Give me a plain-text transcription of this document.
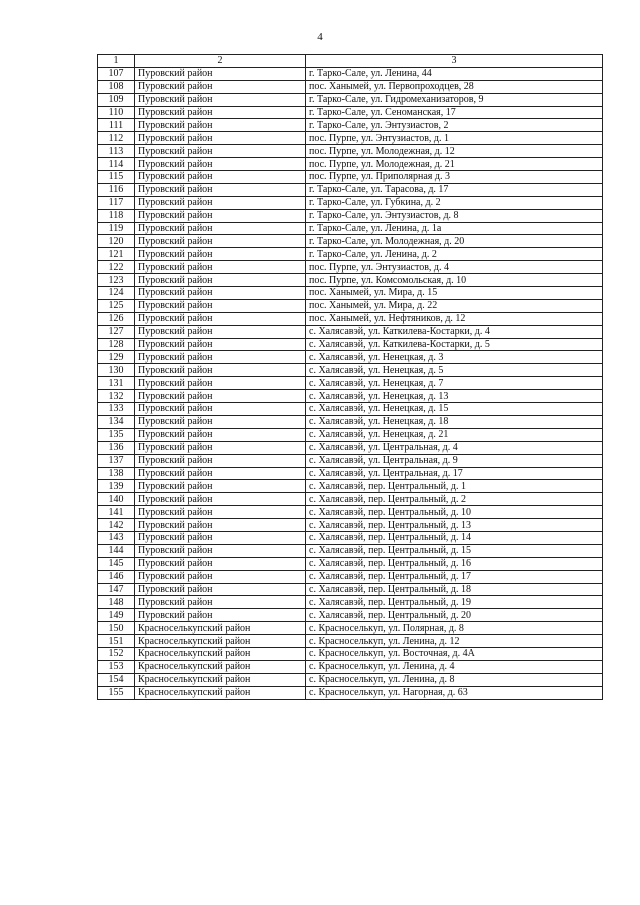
4
1	2	3
107	Пуровский район	г. Тарко-Сале, ул. Ленина, 44
108	Пуровский район	пос. Ханымей, ул. Первопроходцев, 28
109	Пуровский район	г. Тарко-Сале, ул. Гидромеханизаторов, 9
110	Пуровский район	г. Тарко-Сале, ул. Сеноманская, 17
111	Пуровский район	г. Тарко-Сале, ул. Энтузиастов, 2
112	Пуровский район	пос. Пурпе, ул. Энтузиастов, д. 1
113	Пуровский район	пос. Пурпе, ул. Молодежная, д. 12
114	Пуровский район	пос. Пурпе, ул. Молодежная, д. 21
115	Пуровский район	пос. Пурпе, ул. Приполярная д. 3
116	Пуровский район	г. Тарко-Сале, ул. Тарасова, д. 17
117	Пуровский район	г. Тарко-Сале, ул. Губкина, д. 2
118	Пуровский район	г. Тарко-Сале, ул. Энтузиастов, д. 8
119	Пуровский район	г. Тарко-Сале, ул. Ленина, д. 1а
120	Пуровский район	г. Тарко-Сале, ул. Молодежная, д. 20
121	Пуровский район	г. Тарко-Сале, ул. Ленина, д. 2
122	Пуровский район	пос. Пурпе, ул. Энтузиастов, д. 4
123	Пуровский район	пос. Пурпе, ул. Комсомольская, д. 10
124	Пуровский район	пос. Ханымей, ул. Мира, д. 15
125	Пуровский район	пос. Ханымей, ул. Мира, д. 22
126	Пуровский район	пос. Ханымей, ул. Нефтяников, д. 12
127	Пуровский район	с. Халясавэй, ул. Каткилева-Костарки, д. 4
128	Пуровский район	с. Халясавэй, ул. Каткилева-Костарки, д. 5
129	Пуровский район	с. Халясавэй, ул. Ненецкая, д. 3
130	Пуровский район	с. Халясавэй, ул. Ненецкая, д. 5
131	Пуровский район	с. Халясавэй, ул. Ненецкая, д. 7
132	Пуровский район	с. Халясавэй, ул. Ненецкая, д. 13
133	Пуровский район	с. Халясавэй, ул. Ненецкая, д. 15
134	Пуровский район	с. Халясавэй, ул. Ненецкая, д. 18
135	Пуровский район	с. Халясавэй, ул. Ненецкая, д. 21
136	Пуровский район	с. Халясавэй, ул. Центральная, д. 4
137	Пуровский район	с. Халясавэй, ул. Центральная, д. 9
138	Пуровский район	с. Халясавэй, ул. Центральная, д. 17
139	Пуровский район	с. Халясавэй, пер. Центральный, д. 1
140	Пуровский район	с. Халясавэй, пер. Центральный, д. 2
141	Пуровский район	с. Халясавэй, пер. Центральный, д. 10
142	Пуровский район	с. Халясавэй, пер. Центральный, д. 13
143	Пуровский район	с. Халясавэй, пер. Центральный, д. 14
144	Пуровский район	с. Халясавэй, пер. Центральный, д. 15
145	Пуровский район	с. Халясавэй, пер. Центральный, д. 16
146	Пуровский район	с. Халясавэй, пер. Центральный, д. 17
147	Пуровский район	с. Халясавэй, пер. Центральный, д. 18
148	Пуровский район	с. Халясавэй, пер. Центральный, д. 19
149	Пуровский район	с. Халясавэй, пер. Центральный, д. 20
150	Красноселькупский район	с. Красноселькуп, ул. Полярная, д. 8
151	Красноселькупский район	с. Красноселькуп, ул. Ленина, д. 12
152	Красноселькупский район	с. Красноселькуп, ул. Восточная, д. 4А
153	Красноселькупский район	с. Красноселькуп, ул. Ленина, д. 4
154	Красноселькупский район	с. Красноселькуп, ул. Ленина, д. 8
155	Красноселькупский район	с. Красноселькуп, ул. Нагорная, д. 63
